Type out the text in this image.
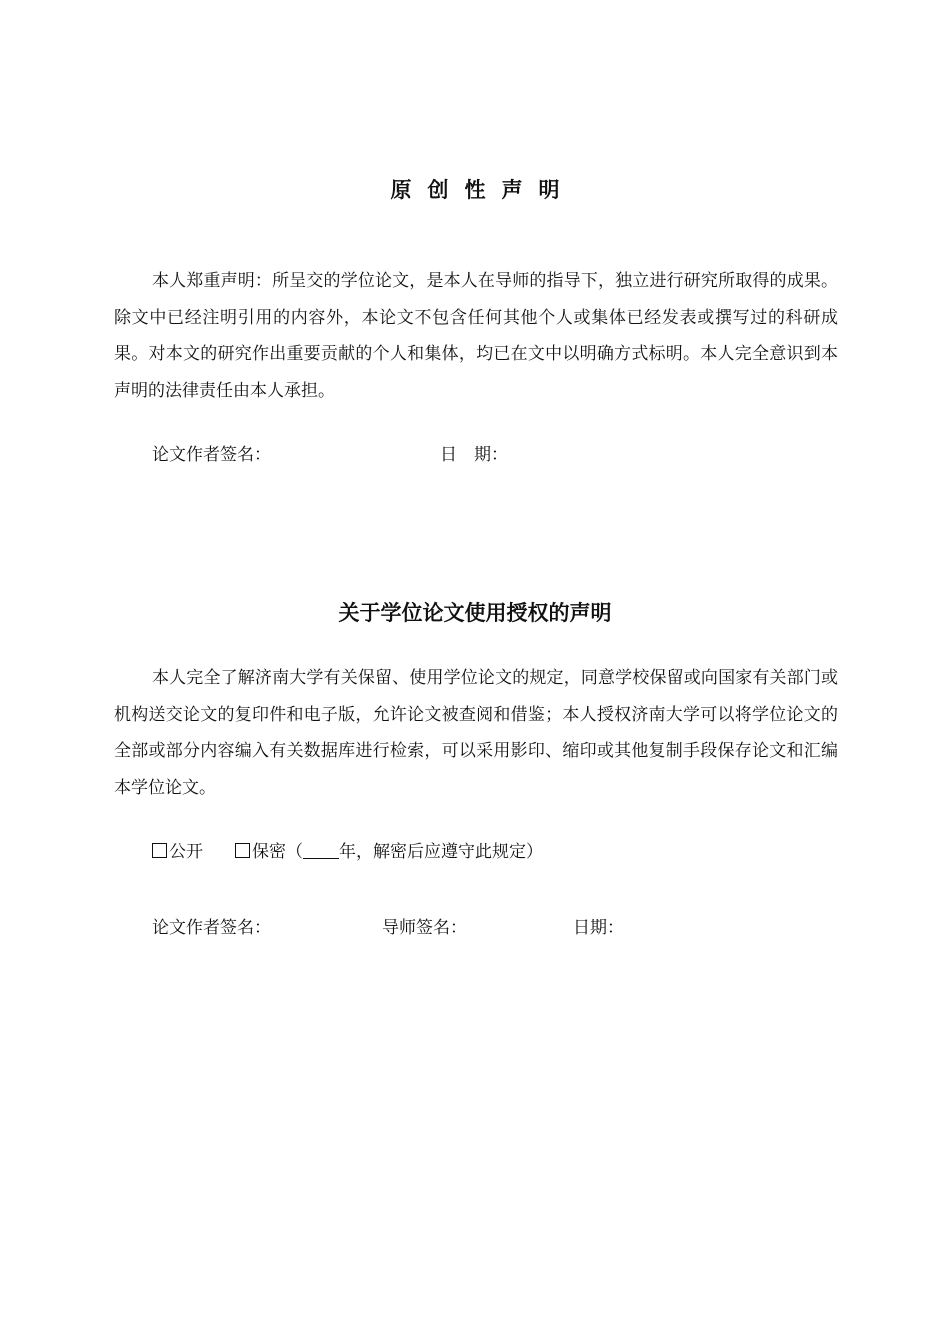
原创性声明

本人郑重声明：所呈交的学位论文，是本人在导师的指导下，独立进行研究所取得的成果。除文中已经注明引用的内容外，本论文不包含任何其他个人或集体已经发表或撰写过的科研成果。对本文的研究作出重要贡献的个人和集体，均已在文中以明确方式标明。本人完全意识到本声明的法律责任由本人承担。

论文作者签名：	日　期：
关于学位论文使用授权的声明

本人完全了解济南大学有关保留、使用学位论文的规定，同意学校保留或向国家有关部门或机构送交论文的复印件和电子版，允许论文被查阅和借鉴；本人授权济南大学可以将学位论文的全部或部分内容编入有关数据库进行检索，可以采用影印、缩印或其他复制手段保存论文和汇编本学位论文。

公开	保密（ 年，解密后应遵守此规定）
论文作者签名：	导师签名：	日期：
